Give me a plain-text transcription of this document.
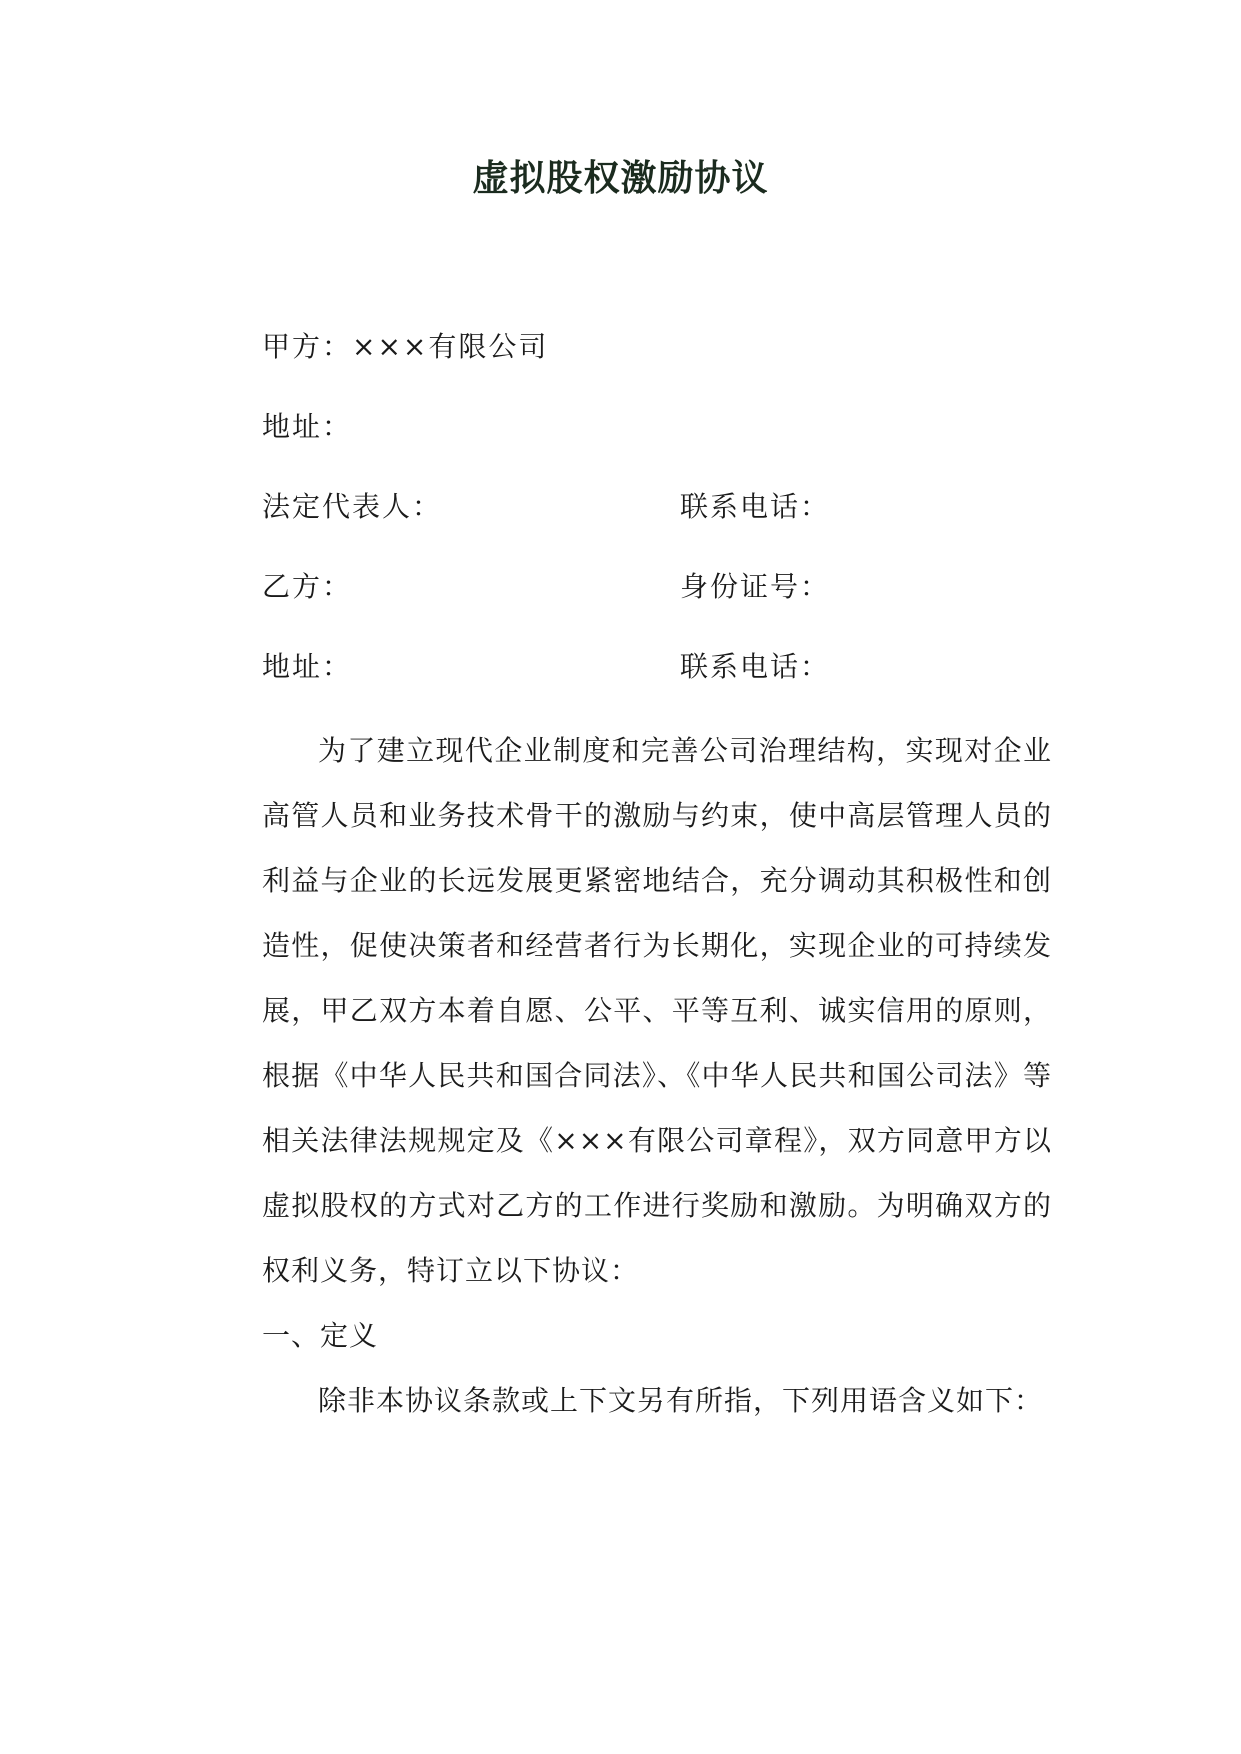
虚拟股权激励协议
甲方：×××有限公司
地址：
法定代表人：	联系电话：
乙方：	身份证号：
地址：	联系电话：

为了建立现代企业制度和完善公司治理结构，实现对企业高管人员和业务技术骨干的激励与约束，使中高层管理人员的利益与企业的长远发展更紧密地结合，充分调动其积极性和创造性，促使决策者和经营者行为长期化，实现企业的可持续发展，甲乙双方本着自愿、公平、平等互利、诚实信用的原则，根据《中华人民共和国合同法》、《中华人民共和国公司法》等相关法律法规规定及《×××有限公司章程》，双方同意甲方以虚拟股权的方式对乙方的工作进行奖励和激励。为明确双方的权利义务，特订立以下协议：

一、定义

除非本协议条款或上下文另有所指，下列用语含义如下：
